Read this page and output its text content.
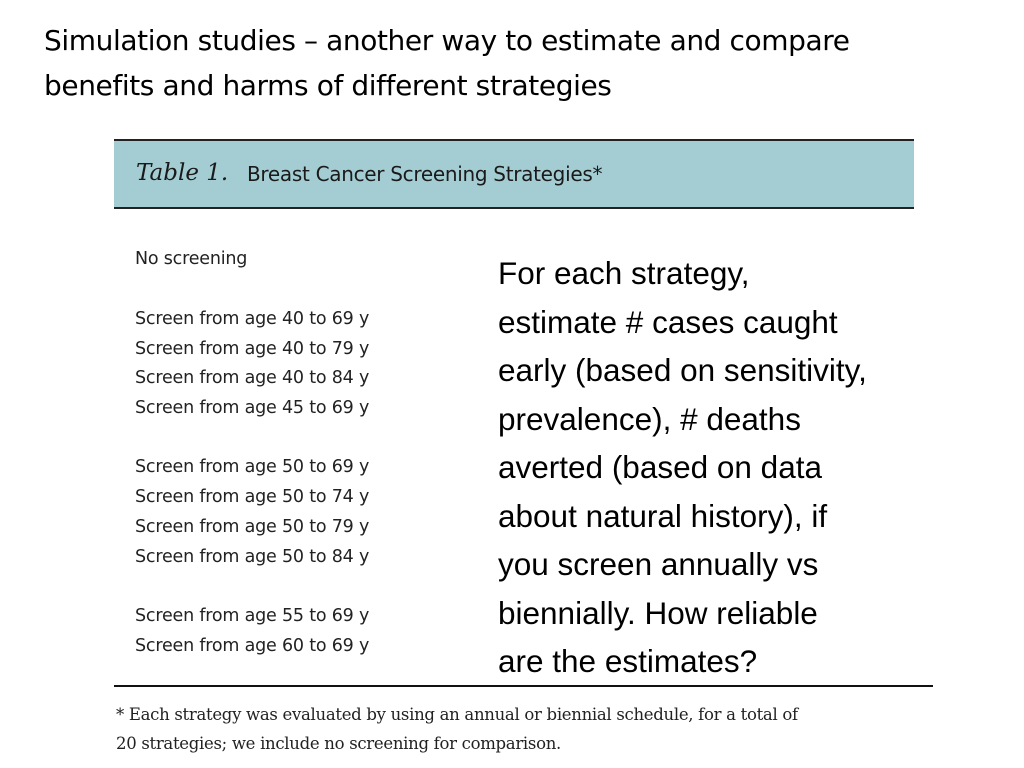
Simulation studies – another way to estimate and compare
benefits and harms of different strategies
Table 1. Breast Cancer Screening Strategies*
No screening
Screen from age 40 to 69 y
Screen from age 40 to 79 y
Screen from age 40 to 84 y
Screen from age 45 to 69 y
Screen from age 50 to 69 y
Screen from age 50 to 74 y
Screen from age 50 to 79 y
Screen from age 50 to 84 y
Screen from age 55 to 69 y
Screen from age 60 to 69 y
For each strategy,
estimate # cases caught
early (based on sensitivity,
prevalence), # deaths
averted (based on data
about natural history), if
you screen annually vs
biennially. How reliable
are the estimates?
* Each strategy was evaluated by using an annual or biennial schedule, for a total of
20 strategies; we include no screening for comparison.
